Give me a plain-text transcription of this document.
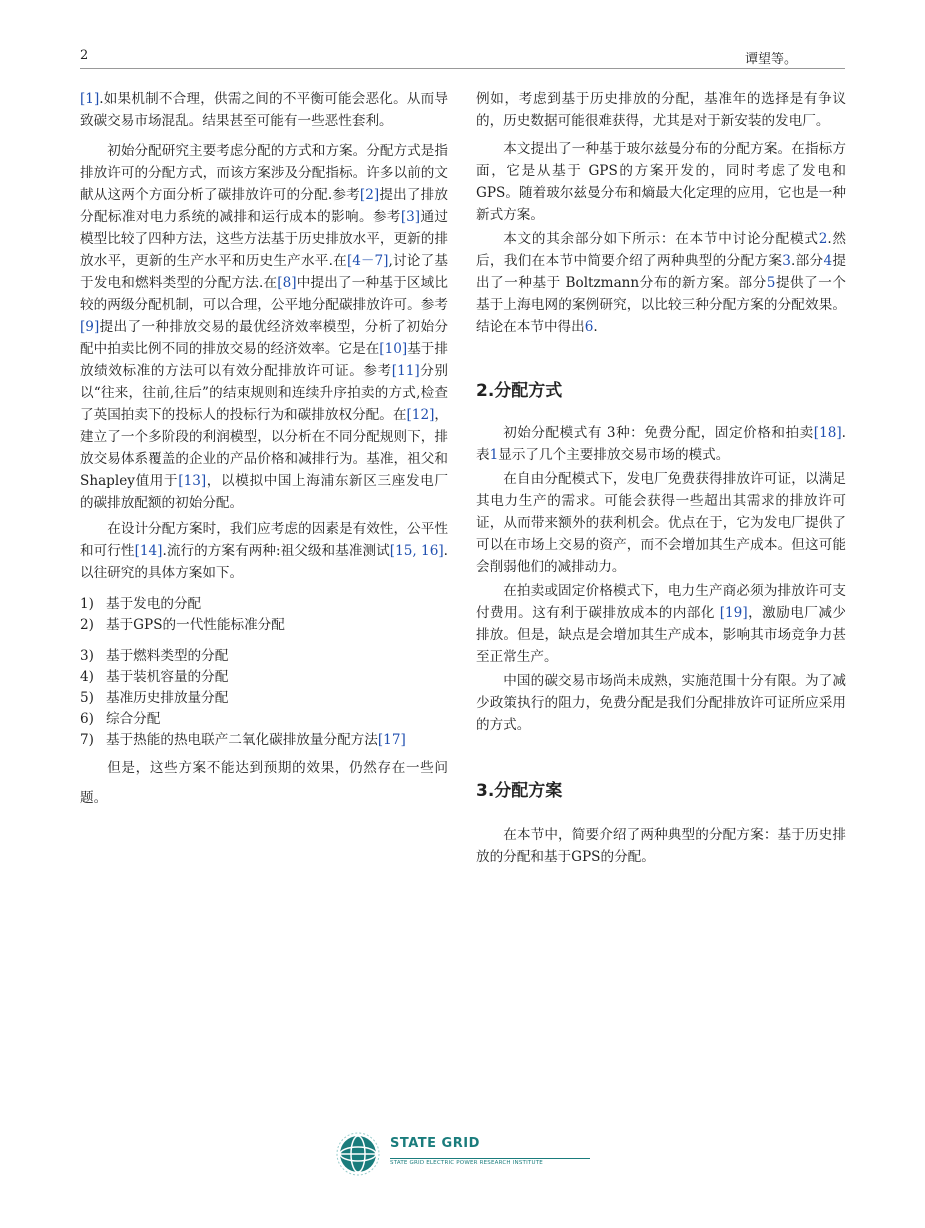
2	谭望等。

[1].如果机制不合理，供需之间的不平衡可能会恶化。从而导致碳交易市场混乱。结果甚至可能有一些恶性套利。

初始分配研究主要考虑分配的方式和方案。分配方式是指排放许可的分配方式，而该方案涉及分配指标。许多以前的文献从这两个方面分析了碳排放许可的分配.参考[2]提出了排放分配标准对电力系统的减排和运行成本的影响。参考[3]通过模型比较了四种方法，这些方法基于历史排放水平，更新的排放水平，更新的生产水平和历史生产水平.在[4－7],讨论了基于发电和燃料类型的分配方法.在[8]中提出了一种基于区域比较的两级分配机制，可以合理，公平地分配碳排放许可。参考[9]提出了一种排放交易的最优经济效率模型，分析了初始分配中拍卖比例不同的排放交易的经济效率。它是在[10]基于排放绩效标准的方法可以有效分配排放许可证。参考[11]分别以“往来，往前,往后”的结束规则和连续升序拍卖的方式,检查了英国拍卖下的投标人的投标行为和碳排放权分配。在[12]，建立了一个多阶段的利润模型，以分析在不同分配规则下，排放交易体系覆盖的企业的产品价格和减排行为。基准，祖父和 Shapley值用于[13]，以模拟中国上海浦东新区三座发电厂的碳排放配额的初始分配。

在设计分配方案时，我们应考虑的因素是有效性，公平性和可行性[14].流行的方案有两种:祖父级和基准测试[15, 16].以往研究的具体方案如下。

1) 基于发电的分配
2) 基于GPS的一代性能标准分配
3) 基于燃料类型的分配
4) 基于装机容量的分配
5) 基准历史排放量分配
6) 综合分配
7) 基于热能的热电联产二氧化碳排放量分配方法[17]

但是，这些方案不能达到预期的效果，仍然存在一些问题。

例如，考虑到基于历史排放的分配，基准年的选择是有争议的，历史数据可能很难获得，尤其是对于新安装的发电厂。

本文提出了一种基于玻尔兹曼分布的分配方案。在指标方面，它是从基于 GPS的方案开发的，同时考虑了发电和GPS。随着玻尔兹曼分布和熵最大化定理的应用，它也是一种新式方案。

本文的其余部分如下所示：在本节中讨论分配模式2.然后，我们在本节中简要介绍了两种典型的分配方案3.部分4提出了一种基于 Boltzmann分布的新方案。部分5提供了一个基于上海电网的案例研究，以比较三种分配方案的分配效果。结论在本节中得出6.

2.分配方式

初始分配模式有 3种：免费分配，固定价格和拍卖[18].表1显示了几个主要排放交易市场的模式。

在自由分配模式下，发电厂免费获得排放许可证，以满足其电力生产的需求。可能会获得一些超出其需求的排放许可证，从而带来额外的获利机会。优点在于，它为发电厂提供了可以在市场上交易的资产，而不会增加其生产成本。但这可能会削弱他们的减排动力。

在拍卖或固定价格模式下，电力生产商必须为排放许可支付费用。这有利于碳排放成本的内部化 [19]，激励电厂减少排放。但是，缺点是会增加其生产成本，影响其市场竞争力甚至正常生产。

中国的碳交易市场尚未成熟，实施范围十分有限。为了减少政策执行的阻力，免费分配是我们分配排放许可证所应采用的方式。

3.分配方案

在本节中，简要介绍了两种典型的分配方案：基于历史排放的分配和基于GPS的分配。

STATE GRID
STATE GRID ELECTRIC POWER RESEARCH INSTITUTE
